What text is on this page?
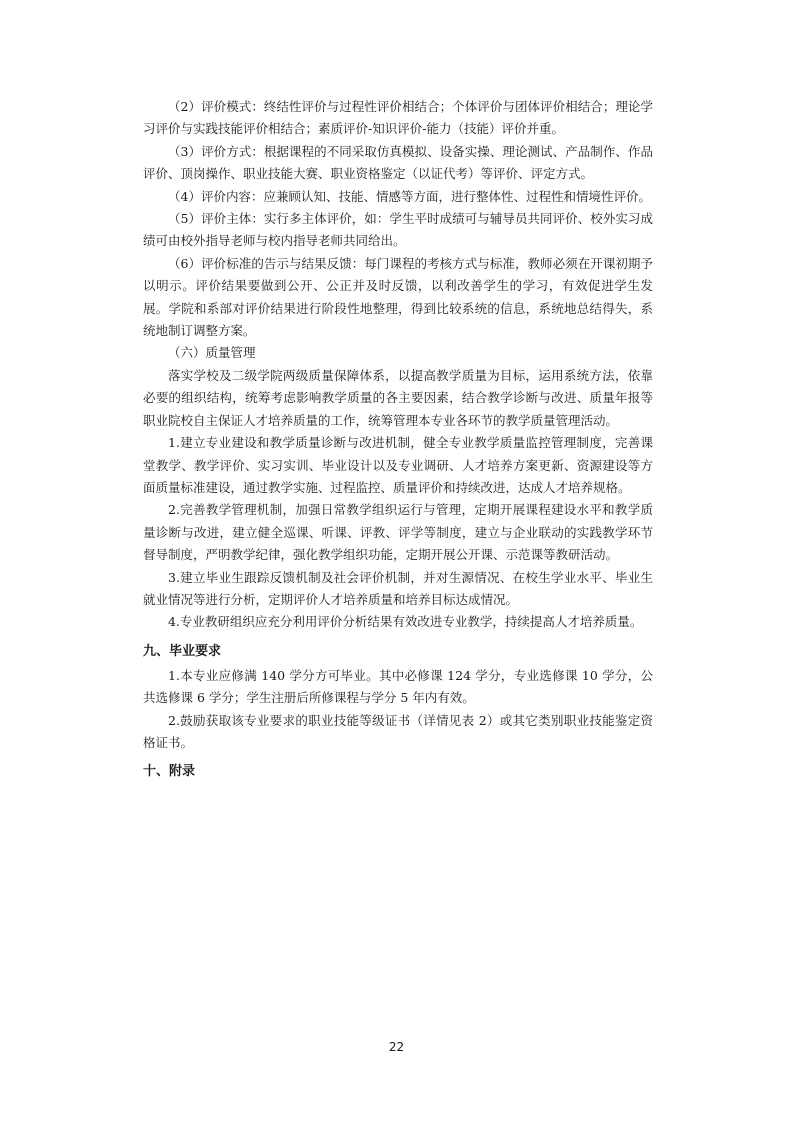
（2）评价模式：终结性评价与过程性评价相结合；个体评价与团体评价相结合；理论学习评价与实践技能评价相结合；素质评价-知识评价-能力（技能）评价并重。

（3）评价方式：根据课程的不同采取仿真模拟、设备实操、理论测试、产品制作、作品评价、顶岗操作、职业技能大赛、职业资格鉴定（以证代考）等评价、评定方式。

（4）评价内容：应兼顾认知、技能、情感等方面，进行整体性、过程性和情境性评价。

（5）评价主体：实行多主体评价，如：学生平时成绩可与辅导员共同评价、校外实习成绩可由校外指导老师与校内指导老师共同给出。

（6）评价标准的告示与结果反馈：每门课程的考核方式与标准，教师必须在开课初期予以明示。评价结果要做到公开、公正并及时反馈，以利改善学生的学习，有效促进学生发展。学院和系部对评价结果进行阶段性地整理，得到比较系统的信息，系统地总结得失，系统地制订调整方案。

（六）质量管理

落实学校及二级学院两级质量保障体系，以提高教学质量为目标，运用系统方法，依靠必要的组织结构，统筹考虑影响教学质量的各主要因素，结合教学诊断与改进、质量年报等职业院校自主保证人才培养质量的工作，统筹管理本专业各环节的教学质量管理活动。

1.建立专业建设和教学质量诊断与改进机制，健全专业教学质量监控管理制度，完善课堂教学、教学评价、实习实训、毕业设计以及专业调研、人才培养方案更新、资源建设等方面质量标准建设，通过教学实施、过程监控、质量评价和持续改进，达成人才培养规格。

2.完善教学管理机制，加强日常教学组织运行与管理，定期开展课程建设水平和教学质量诊断与改进，建立健全巡课、听课、评教、评学等制度，建立与企业联动的实践教学环节督导制度，严明教学纪律，强化教学组织功能，定期开展公开课、示范课等教研活动。

3.建立毕业生跟踪反馈机制及社会评价机制，并对生源情况、在校生学业水平、毕业生就业情况等进行分析，定期评价人才培养质量和培养目标达成情况。

4.专业教研组织应充分利用评价分析结果有效改进专业教学，持续提高人才培养质量。

九、毕业要求

1.本专业应修满 140 学分方可毕业。其中必修课 124 学分，专业选修课 10 学分，公共选修课 6 学分；学生注册后所修课程与学分 5 年内有效。

2.鼓励获取该专业要求的职业技能等级证书（详情见表 2）或其它类别职业技能鉴定资格证书。

十、附录
22
